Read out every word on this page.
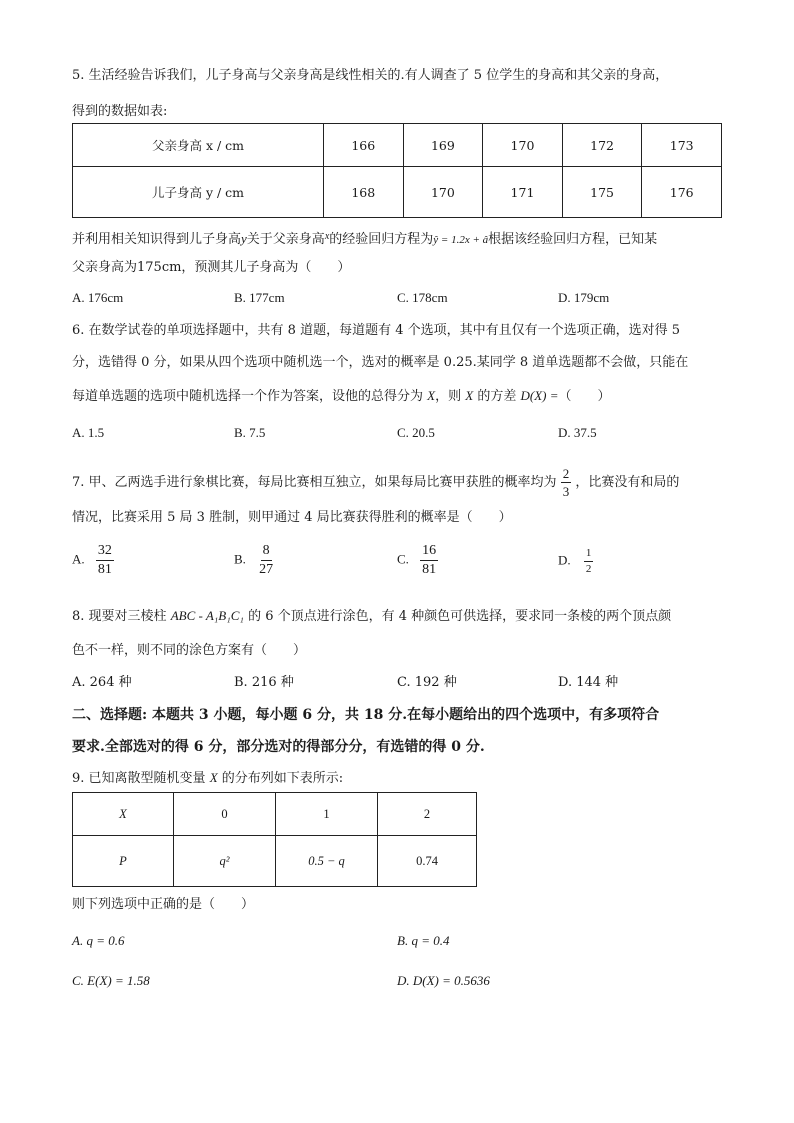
5. 生活经验告诉我们，儿子身高与父亲身高是线性相关的.有人调查了 5 位学生的身高和其父亲的身高，
得到的数据如表:
父亲身高 x / cm	166	169	170	172	173
儿子身高 y / cm	168	170	171	175	176
并利用相关知识得到儿子身高y关于父亲身高$^x$的经验回归方程为ŷ = 1.2x + â根据该经验回归方程，已知某
父亲身高为175cm，预测其儿子身高为（　　）
A. 176cm	B. 177cm	C. 178cm	D. 179cm
6. 在数学试卷的单项选择题中，共有 8 道题，每道题有 4 个选项，其中有且仅有一个选项正确，选对得 5
分，选错得 0 分，如果从四个选项中随机选一个，选对的概率是 0.25.某同学 8 道单选题都不会做，只能在
每道单选题的选项中随机选择一个作为答案，设他的总得分为 X，则 X 的方差 D(X) =（　　）
A. 1.5	B. 7.5	C. 20.5	D. 37.5
7. 甲、乙两选手进行象棋比赛，每局比赛相互独立，如果每局比赛甲获胜的概率均为 $\frac{2}{3}$ ，比赛没有和局的
情况，比赛采用 5 局 3 胜制，则甲通过 4 局比赛获得胜利的概率是（　　）
A. $\frac{32}{81}$	B. $\frac{8}{27}$	C. $\frac{16}{81}$	D. $\frac{1}{2}$
8. 现要对三棱柱 ABC - A₁B₁C₁ 的 6 个顶点进行涂色，有 4 种颜色可供选择，要求同一条棱的两个顶点颜
色不一样，则不同的涂色方案有（　　）
A. 264 种	B. 216 种	C. 192 种	D. 144 种
二、选择题: 本题共 3 小题，每小题 6 分，共 18 分.在每小题给出的四个选项中，有多项符合
要求.全部选对的得 6 分，部分选对的得部分分，有选错的得 0 分.
9. 已知离散型随机变量 X 的分布列如下表所示:
X	0	1	2
P	q²	0.5 − q	0.74
则下列选项中正确的是（　　）
A. q = 0.6	B. q = 0.4
C. E(X) = 1.58	D. D(X) = 0.5636
